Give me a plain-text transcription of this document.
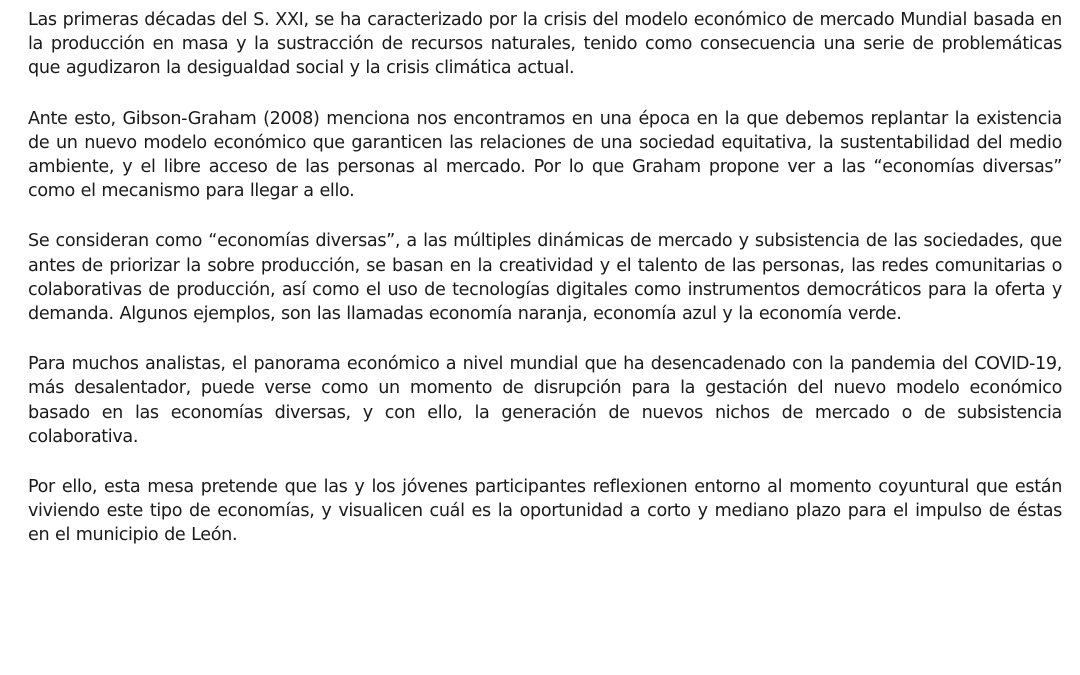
Las primeras décadas del S. XXI, se ha caracterizado por la crisis del modelo económico de mercado Mundial basada en la producción en masa y la sustracción de recursos naturales, tenido como consecuencia una serie de problemáticas que agudizaron la desigualdad social y la crisis climática actual.

Ante esto, Gibson-Graham (2008) menciona nos encontramos en una época en la que debemos replantar la existencia de un nuevo modelo económico que garanticen las relaciones de una sociedad equitativa, la sustentabilidad del medio ambiente, y el libre acceso de las personas al mercado. Por lo que Graham propone ver a las “economías diversas” como el mecanismo para llegar a ello.

Se consideran como “economías diversas”, a las múltiples dinámicas de mercado y subsistencia de las sociedades, que antes de priorizar la sobre producción, se basan en la creatividad y el talento de las personas, las redes comunitarias o colaborativas de producción, así como el uso de tecnologías digitales como instrumentos democráticos para la oferta y demanda. Algunos ejemplos, son las llamadas economía naranja, economía azul y la economía verde.

Para muchos analistas, el panorama económico a nivel mundial que ha desencadenado con la pandemia del COVID-19, más desalentador, puede verse como un momento de disrupción para la gestación del nuevo modelo económico basado en las economías diversas, y con ello, la generación de nuevos nichos de mercado o de subsistencia colaborativa.

Por ello, esta mesa pretende que las y los jóvenes participantes reflexionen entorno al momento coyuntural que están viviendo este tipo de economías, y visualicen cuál es la oportunidad a corto y mediano plazo para el impulso de éstas en el municipio de León.
